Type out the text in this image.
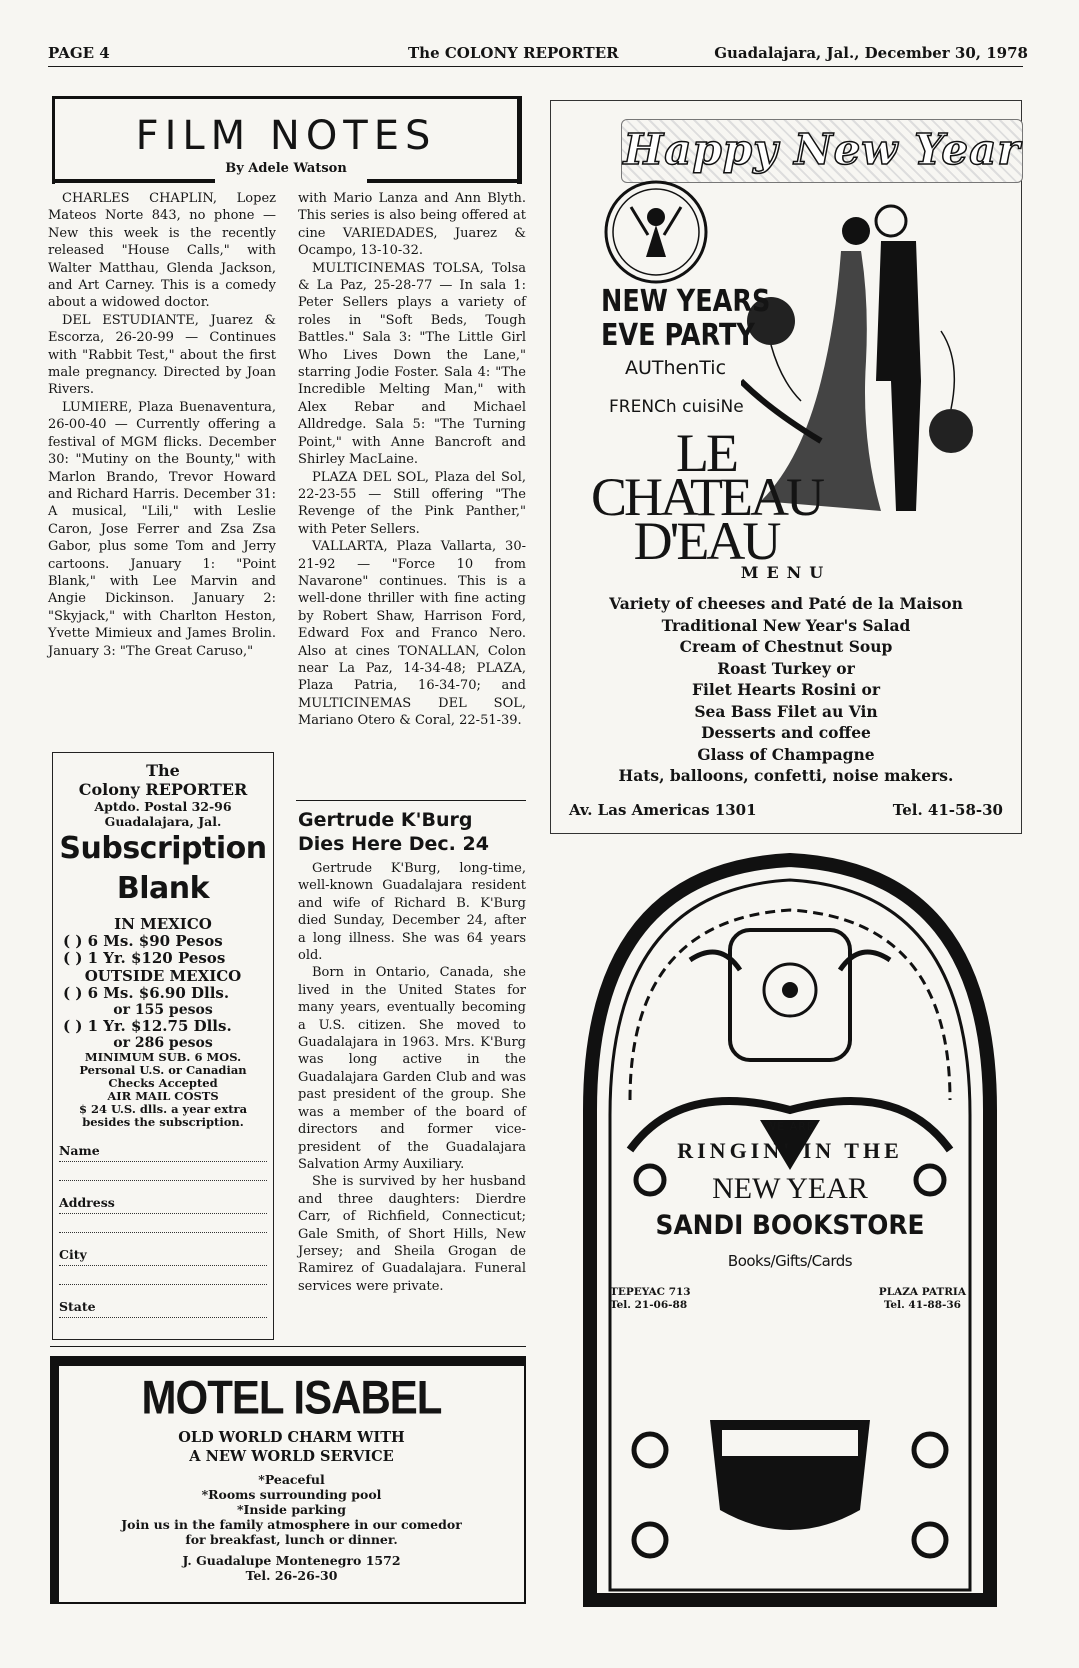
PAGE 4	The COLONY REPORTER	Guadalajara, Jal., December 30, 1978
FILM NOTES
By Adele Watson

CHARLES CHAPLIN, Lopez Mateos Norte 843, no phone — New this week is the recently released "House Calls," with Walter Matthau, Glenda Jackson, and Art Carney. This is a comedy about a widowed doctor.

DEL ESTUDIANTE, Juarez & Escorza, 26-20-99 — Continues with "Rabbit Test," about the first male pregnancy. Directed by Joan Rivers.

LUMIERE, Plaza Buenaventura, 26-00-40 — Currently offering a festival of MGM flicks. December 30: "Mutiny on the Bounty," with Marlon Brando, Trevor Howard and Richard Harris. December 31: A musical, "Lili," with Leslie Caron, Jose Ferrer and Zsa Zsa Gabor, plus some Tom and Jerry cartoons. January 1: "Point Blank," with Lee Marvin and Angie Dickinson. January 2: "Skyjack," with Charlton Heston, Yvette Mimieux and James Brolin. January 3: "The Great Caruso,"

with Mario Lanza and Ann Blyth. This series is also being offered at cine VARIEDADES, Juarez & Ocampo, 13-10-32.

MULTICINEMAS TOLSA, Tolsa & La Paz, 25-28-77 — In sala 1: Peter Sellers plays a variety of roles in "Soft Beds, Tough Battles." Sala 3: "The Little Girl Who Lives Down the Lane," starring Jodie Foster. Sala 4: "The Incredible Melting Man," with Alex Rebar and Michael Alldredge. Sala 5: "The Turning Point," with Anne Bancroft and Shirley MacLaine.

PLAZA DEL SOL, Plaza del Sol, 22-23-55 — Still offering "The Revenge of the Pink Panther," with Peter Sellers.

VALLARTA, Plaza Vallarta, 30-21-92 — "Force 10 from Navarone" continues. This is a well-done thriller with fine acting by Robert Shaw, Harrison Ford, Edward Fox and Franco Nero. Also at cines TONALLAN, Colon near La Paz, 14-34-48; PLAZA, Plaza Patria, 16-34-70; and MULTICINEMAS DEL SOL, Mariano Otero & Coral, 22-51-39.

The
Colony REPORTER
Aptdo. Postal 32-96
Guadalajara, Jal.
Subscription
Blank
IN MEXICO
( ) 6 Ms. $90 Pesos
( ) 1 Yr. $120 Pesos
OUTSIDE MEXICO
( ) 6 Ms. $6.90 Dlls.
or 155 pesos
( ) 1 Yr. $12.75 Dlls.
or 286 pesos
MINIMUM SUB. 6 MOS.
Personal U.S. or Canadian
Checks Accepted
AIR MAIL COSTS
$ 24 U.S. dlls. a year extra
besides the subscription.
Name
Address
City
State
Gertrude K'Burg
Dies Here Dec. 24

Gertrude K'Burg, long-time, well-known Guadalajara resident and wife of Richard B. K'Burg died Sunday, December 24, after a long illness. She was 64 years old.

Born in Ontario, Canada, she lived in the United States for many years, eventually becoming a U.S. citizen. She moved to Guadalajara in 1963. Mrs. K'Burg was long active in the Guadalajara Garden Club and was past president of the group. She was a member of the board of directors and former vice-president of the Guadalajara Salvation Army Auxiliary.

She is survived by her husband and three daughters: Dierdre Carr, of Richfield, Connecticut; Gale Smith, of Short Hills, New Jersey; and Sheila Grogan de Ramirez of Guadalajara. Funeral services were private.

MOTEL ISABEL
OLD WORLD CHARM WITH
A NEW WORLD SERVICE
*Peaceful
*Rooms surrounding pool
*Inside parking
Join us in the family atmosphere in our comedor
for breakfast, lunch or dinner.
J. Guadalupe Montenegro 1572
Tel. 26-26-30
Happy New Year
NEW YEARS
EVE PARTY
AUThenTic
FRENCh cuisiNe
LE
CHATEAU
D'EAU
MENU
Variety of cheeses and Paté de la Maison
Traditional New Year's Salad
Cream of Chestnut Soup
Roast Turkey or
Filet Hearts Rosini or
Sea Bass Filet au Vin
Desserts and coffee
Glass of Champagne
Hats, balloons, confetti, noise makers.
Av. Las Americas 1301	Tel. 41-58-30
WE ARE
RINGIN' IN THE
NEW YEAR
SANDI BOOKSTORE
Books/Gifts/Cards
TEPEYAC 713
Tel. 21-06-88
PLAZA PATRIA
Tel. 41-88-36
